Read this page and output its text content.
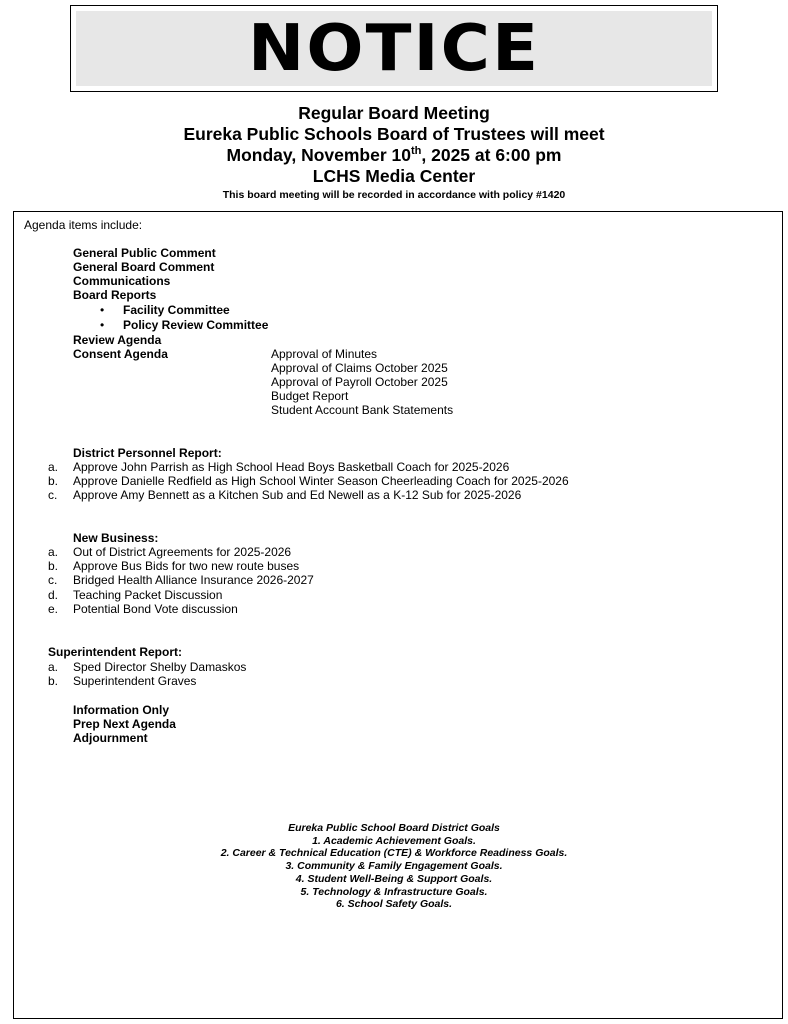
NOTICE
Regular Board Meeting
Eureka Public Schools Board of Trustees will meet
Monday, November 10th, 2025 at 6:00 pm
LCHS Media Center
This board meeting will be recorded in accordance with policy #1420
Agenda items include:
General Public Comment
General Board Comment
Communications
Board Reports
• Facility Committee
• Policy Review Committee
Review Agenda
Consent Agenda	Approval of Minutes
Approval of Claims October 2025
Approval of Payroll October 2025
Budget Report
Student Account Bank Statements
District Personnel Report:
a. Approve John Parrish as High School Head Boys Basketball Coach for 2025-2026
b. Approve Danielle Redfield as High School Winter Season Cheerleading Coach for 2025-2026
c. Approve Amy Bennett as a Kitchen Sub and Ed Newell as a K-12 Sub for 2025-2026
New Business:
a. Out of District Agreements for 2025-2026
b. Approve Bus Bids for two new route buses
c. Bridged Health Alliance Insurance 2026-2027
d. Teaching Packet Discussion
e. Potential Bond Vote discussion
Superintendent Report:
a. Sped Director Shelby Damaskos
b. Superintendent Graves
Information Only
Prep Next Agenda
Adjournment
Eureka Public School Board District Goals
1. Academic Achievement Goals.
2. Career & Technical Education (CTE) & Workforce Readiness Goals.
3. Community & Family Engagement Goals.
4. Student Well-Being & Support Goals.
5. Technology & Infrastructure Goals.
6. School Safety Goals.
